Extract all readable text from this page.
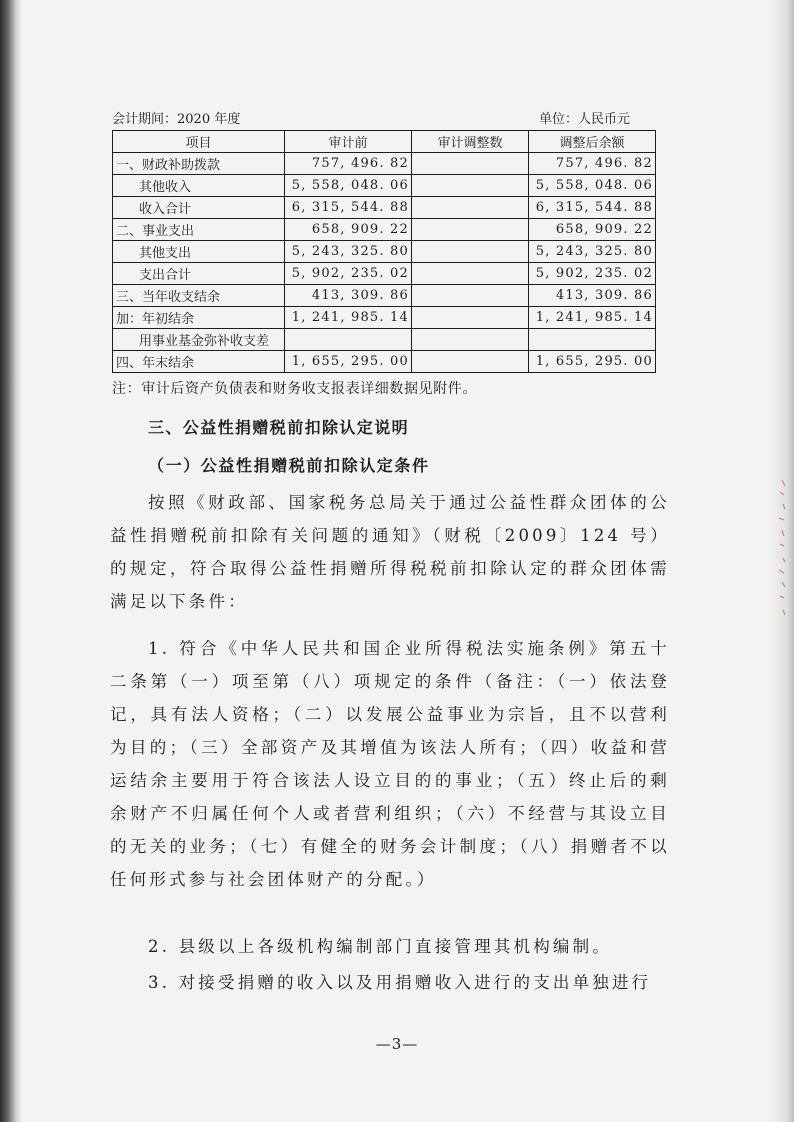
会计期间：2020 年度	单位：人民币元
项目	审计前	审计调整数	调整后余额
一、财政补助拨款	757, 496. 82		757, 496. 82
其他收入	5, 558, 048. 06		5, 558, 048. 06
收入合计	6, 315, 544. 88		6, 315, 544. 88
二、事业支出	658, 909. 22		658, 909. 22
其他支出	5, 243, 325. 80		5, 243, 325. 80
支出合计	5, 902, 235. 02		5, 902, 235. 02
三、当年收支结余	413, 309. 86		413, 309. 86
加：年初结余	1, 241, 985. 14		1, 241, 985. 14
用事业基金弥补收支差			
四、年末结余	1, 655, 295. 00		1, 655, 295. 00
注：审计后资产负债表和财务收支报表详细数据见附件。
三、公益性捐赠税前扣除认定说明
（一）公益性捐赠税前扣除认定条件
按照《财政部、国家税务总局关于通过公益性群众团体的公益性捐赠税前扣除有关问题的通知》（财税〔2009〕124 号）的规定，符合取得公益性捐赠所得税税前扣除认定的群众团体需满足以下条件：
1. 符合《中华人民共和国企业所得税法实施条例》第五十二条第（一）项至第（八）项规定的条件（备注：（一）依法登记，具有法人资格；（二）以发展公益事业为宗旨，且不以营利为目的；（三）全部资产及其增值为该法人所有；（四）收益和营运结余主要用于符合该法人设立目的的事业；（五）终止后的剩余财产不归属任何个人或者营利组织；（六）不经营与其设立目的无关的业务；（七）有健全的财务会计制度；（八）捐赠者不以任何形式参与社会团体财产的分配。）
2. 县级以上各级机构编制部门直接管理其机构编制。
3. 对接受捐赠的收入以及用捐赠收入进行的支出单独进行
—3—
